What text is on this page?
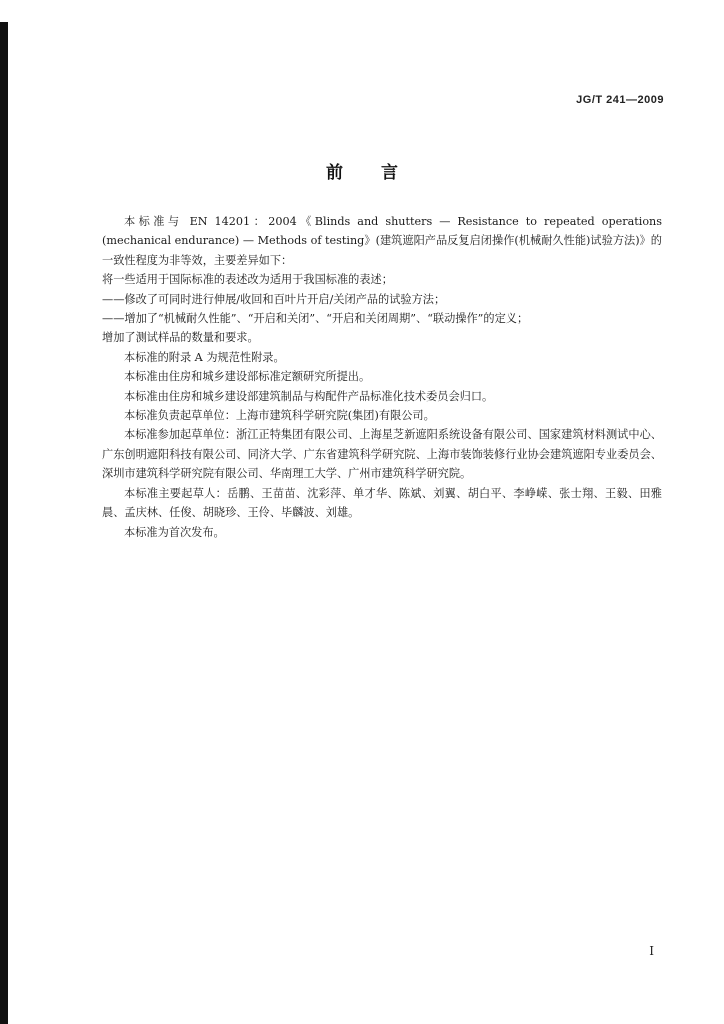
JG/T 241—2009
前言

本标准与 EN 14201：2004《Blinds and shutters — Resistance to repeated operations (mechanical endurance) — Methods of testing》(建筑遮阳产品反复启闭操作(机械耐久性能)试验方法)》的一致性程度为非等效，主要差异如下：

将一些适用于国际标准的表述改为适用于我国标准的表述；

——修改了可同时进行伸展/收回和百叶片开启/关闭产品的试验方法；

——增加了“机械耐久性能”、“开启和关闭”、“开启和关闭周期”、“联动操作”的定义；

增加了测试样品的数量和要求。

本标准的附录 A 为规范性附录。

本标准由住房和城乡建设部标准定额研究所提出。

本标准由住房和城乡建设部建筑制品与构配件产品标准化技术委员会归口。

本标准负责起草单位：上海市建筑科学研究院(集团)有限公司。

本标准参加起草单位：浙江正特集团有限公司、上海星芝新遮阳系统设备有限公司、国家建筑材料测试中心、广东创明遮阳科技有限公司、同济大学、广东省建筑科学研究院、上海市装饰装修行业协会建筑遮阳专业委员会、深圳市建筑科学研究院有限公司、华南理工大学、广州市建筑科学研究院。

本标准主要起草人：岳鹏、王苗苗、沈彩萍、单才华、陈斌、刘翼、胡白平、李峥嵘、张士翔、王毅、田雅晨、孟庆林、任俊、胡晓珍、王伶、毕麟波、刘雄。

本标准为首次发布。

I
